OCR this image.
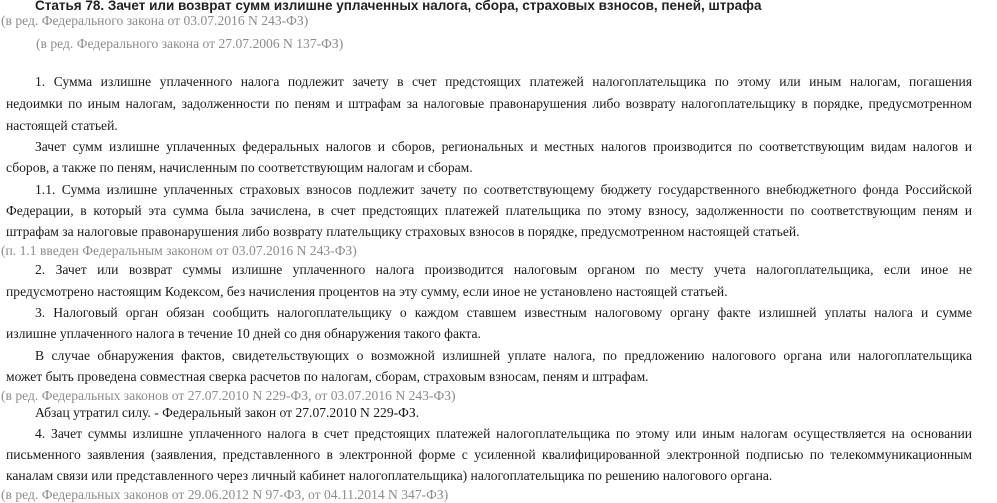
Статья 78. Зачет или возврат сумм излишне уплаченных налога, сбора, страховых взносов, пеней, штрафа
(в ред. Федерального закона от 03.07.2016 N 243-ФЗ)
(в ред. Федерального закона от 27.07.2006 N 137-ФЗ)
1. Сумма излишне уплаченного налога подлежит зачету в счет предстоящих платежей налогоплательщика по этому или иным налогам, погашения
недоимки по иным налогам, задолженности по пеням и штрафам за налоговые правонарушения либо возврату налогоплательщику в порядке, предусмотренном
настоящей статьей.
Зачет сумм излишне уплаченных федеральных налогов и сборов, региональных и местных налогов производится по соответствующим видам налогов и
сборов, а также по пеням, начисленным по соответствующим налогам и сборам.
1.1. Сумма излишне уплаченных страховых взносов подлежит зачету по соответствующему бюджету государственного внебюджетного фонда Российской
Федерации, в который эта сумма была зачислена, в счет предстоящих платежей плательщика по этому взносу, задолженности по соответствующим пеням и
штрафам за налоговые правонарушения либо возврату плательщику страховых взносов в порядке, предусмотренном настоящей статьей.
(п. 1.1 введен Федеральным законом от 03.07.2016 N 243-ФЗ)
2. Зачет или возврат суммы излишне уплаченного налога производится налоговым органом по месту учета налогоплательщика, если иное не
предусмотрено настоящим Кодексом, без начисления процентов на эту сумму, если иное не установлено настоящей статьей.
3. Налоговый орган обязан сообщить налогоплательщику о каждом ставшем известным налоговому органу факте излишней уплаты налога и сумме
излишне уплаченного налога в течение 10 дней со дня обнаружения такого факта.
В случае обнаружения фактов, свидетельствующих о возможной излишней уплате налога, по предложению налогового органа или налогоплательщика
может быть проведена совместная сверка расчетов по налогам, сборам, страховым взносам, пеням и штрафам.
(в ред. Федеральных законов от 27.07.2010 N 229-ФЗ, от 03.07.2016 N 243-ФЗ)
Абзац утратил силу. - Федеральный закон от 27.07.2010 N 229-ФЗ.
4. Зачет суммы излишне уплаченного налога в счет предстоящих платежей налогоплательщика по этому или иным налогам осуществляется на основании
письменного заявления (заявления, представленного в электронной форме с усиленной квалифицированной электронной подписью по телекоммуникационным
каналам связи или представленного через личный кабинет налогоплательщика) налогоплательщика по решению налогового органа.
(в ред. Федеральных законов от 29.06.2012 N 97-ФЗ, от 04.11.2014 N 347-ФЗ)
